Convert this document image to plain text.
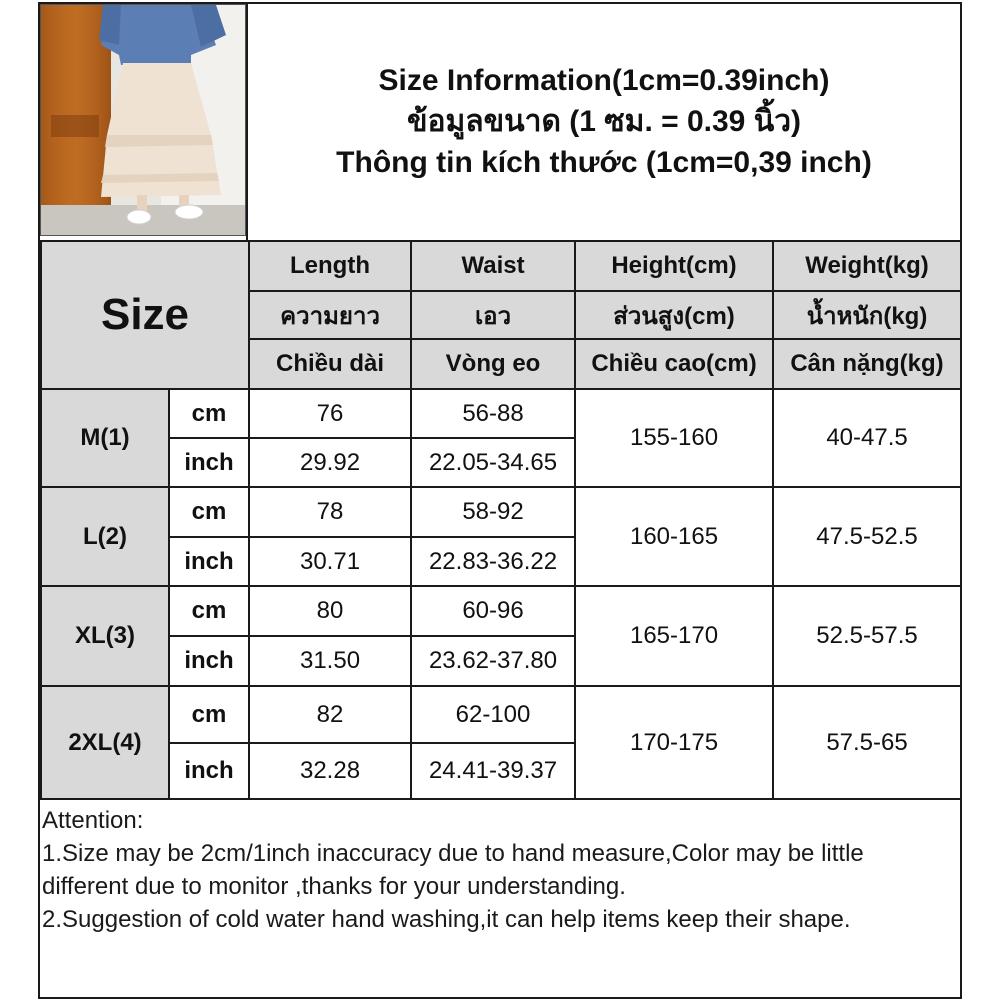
Size Information(1cm=0.39inch)
ข้อมูลขนาด (1 ซม. = 0.39 นิ้ว)
Thông tin kích thước (1cm=0,39 inch)
Size		Length	Waist	Height(cm)	Weight(kg)
		ความยาว	เอว	ส่วนสูง(cm)	น้ำหนัก(kg)
		Chiều dài	Vòng eo	Chiều cao(cm)	Cân nặng(kg)
M(1)	cm	76	56-88	155-160	40-47.5
	inch	29.92	22.05-34.65		
L(2)	cm	78	58-92	160-165	47.5-52.5
	inch	30.71	22.83-36.22		
XL(3)	cm	80	60-96	165-170	52.5-57.5
	inch	31.50	23.62-37.80		
2XL(4)	cm	82	62-100	170-175	57.5-65
	inch	32.28	24.41-39.37		
Attention:
1.Size may be 2cm/1inch inaccuracy due to hand measure,Color may be little different due to monitor ,thanks for your understanding.
2.Suggestion of cold water hand washing,it can help items keep their shape.
